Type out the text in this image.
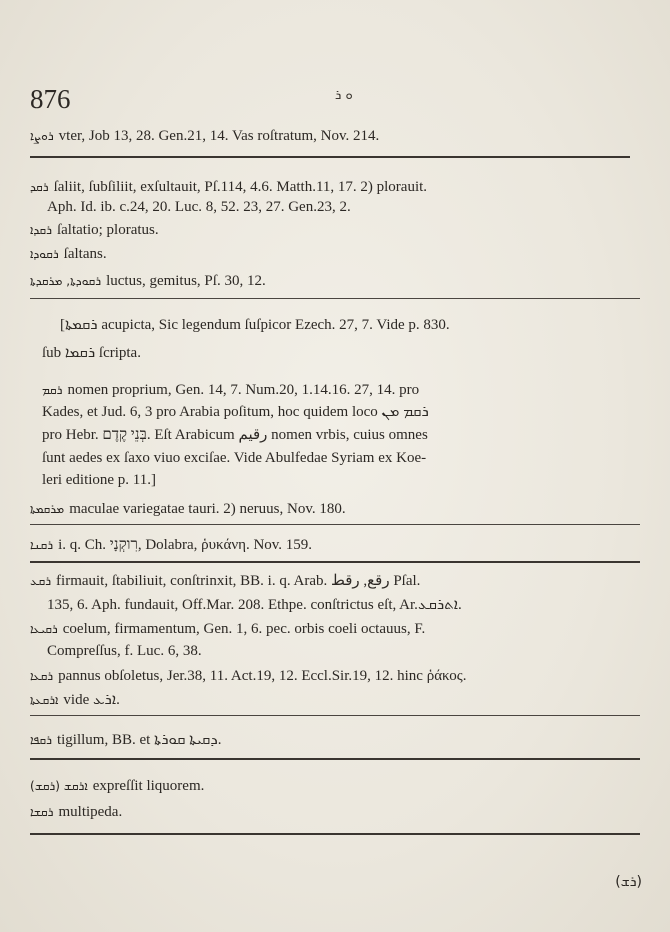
876	ܘ ܪ
ܪܘܨܐ vter, Job 13, 28. Gen.21, 14. Vas roſtratum, Nov. 214.
ܪܩܕ ſaliit, ſubſiliit, exſultauit, Pſ.114, 4.6. Matth.11, 17. 2) plorauit.
Aph. Id. ib. c.24, 20. Luc. 8, 52. 23, 27. Gen.23, 2.
ܪܩܕܐ ſaltatio; ploratus.
ܪܩܘܕܐ ſaltans.
ܪܩܘܕܬܐ, ܡܪܩܕܬܐ luctus, gemitus, Pſ. 30, 12.
[ܪܩܡܬܐ acupicta, Sic legendum ſuſpicor Ezech. 27, 7. Vide p. 830.
ſub ܪܩܡܐ ſcripta.
ܪܩܡ nomen proprium, Gen. 14, 7. Num.20, 1.14.16. 27, 14. pro
Kades, et Jud. 6, 3 pro Arabia poſitum, hoc quidem loco ܪܩܡ ܡܢ
pro Hebr. בְּנֵי קֶדֶם. Eſt Arabicum رقيم nomen vrbis, cuius omnes
ſunt aedes ex ſaxo viuo exciſae. Vide Abulfedae Syriam ex Koe-
leri editione p. 11.]
ܡܪܩܡܬܐ maculae variegatae tauri. 2) neruus, Nov. 180.
ܪܩܢܐ i. q. Ch. רִוקְנָי, Dolabra, ῥυκάνη. Nov. 159.
ܪܩܥ firmauit, ſtabiliuit, conſtrinxit, BB. i. q. Arab. رقع, رقط Pſal.
135, 6. Aph. fundauit, Off.Mar. 208. Ethpe. conſtrictus eſt, Ar.ܐܬܪܩܥ.
ܪܩܝܥܐ coelum, firmamentum, Gen. 1, 6. pec. orbis coeli octauus, F.
Compreſſus, f. Luc. 6, 38.
ܪܩܥܐ pannus obſoletus, Jer.38, 11. Act.19, 12. Eccl.Sir.19, 12. hinc ῥάκος.
ܐܪܩܥܬܐ vide ܐܪܥ.
ܪܩܦܐ tigillum, BB. et ܕܩܝܬܐ ܩܘܪܬܐ.
(ܪܩܫ) ܐܪܩܫ expreſſit liquorem.
ܪܩܫܐ multipeda.
(ܪܫ)
